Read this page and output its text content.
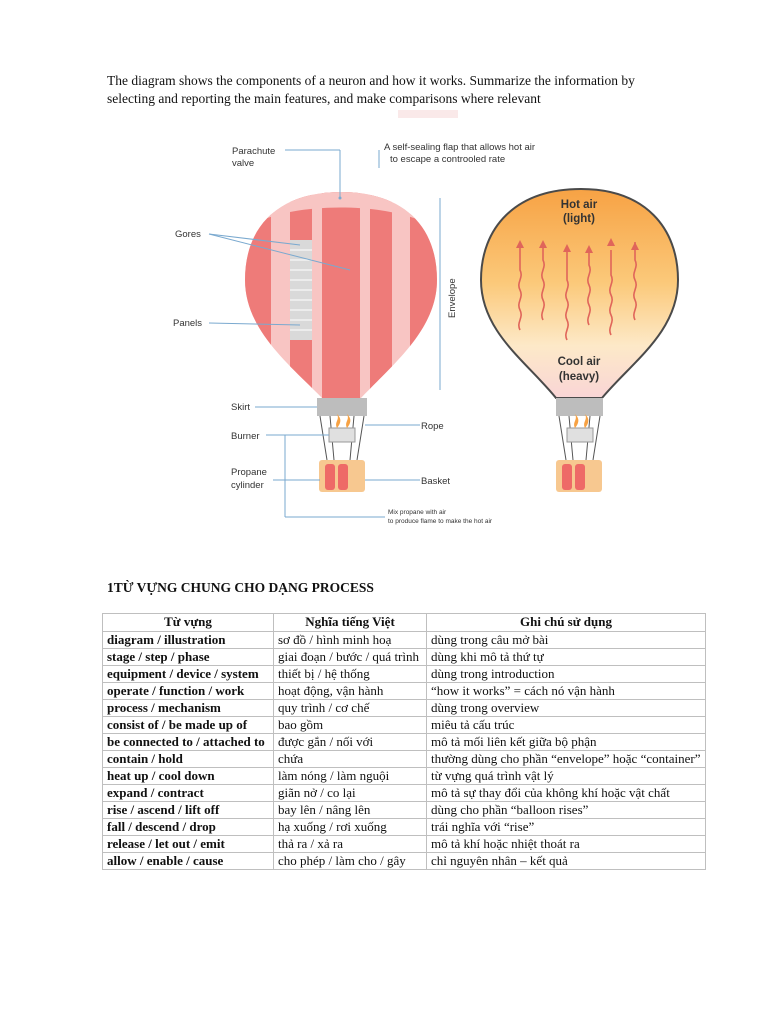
The diagram shows the components of a neuron and how it works. Summarize the information by selecting and reporting the main features, and make comparisons where relevant
Parachute
valve
A self-sealing flap that allows hot air
to escape a controoled rate
Gores
Panels
Skirt
Burner
Propane
cylinder
Rope
Basket
Envelope
Mix propane with air
to produce flame to make the hot air
Hot air
(light)
Cool air
(heavy)
1TỪ VỰNG CHUNG CHO DẠNG PROCESS
Từ vựng	Nghĩa tiếng Việt	Ghi chú sử dụng
diagram / illustration	sơ đồ / hình minh hoạ	dùng trong câu mở bài
stage / step / phase	giai đoạn / bước / quá trình	dùng khi mô tả thứ tự
equipment / device / system	thiết bị / hệ thống	dùng trong introduction
operate / function / work	hoạt động, vận hành	“how it works” = cách nó vận hành
process / mechanism	quy trình / cơ chế	dùng trong overview
consist of / be made up of	bao gồm	miêu tả cấu trúc
be connected to / attached to	được gắn / nối với	mô tả mối liên kết giữa bộ phận
contain / hold	chứa	thường dùng cho phần “envelope” hoặc “container”
heat up / cool down	làm nóng / làm nguội	từ vựng quá trình vật lý
expand / contract	giãn nở / co lại	mô tả sự thay đổi của không khí hoặc vật chất
rise / ascend / lift off	bay lên / nâng lên	dùng cho phần “balloon rises”
fall / descend / drop	hạ xuống / rơi xuống	trái nghĩa với “rise”
release / let out / emit	thả ra / xả ra	mô tả khí hoặc nhiệt thoát ra
allow / enable / cause	cho phép / làm cho / gây	chỉ nguyên nhân – kết quả
